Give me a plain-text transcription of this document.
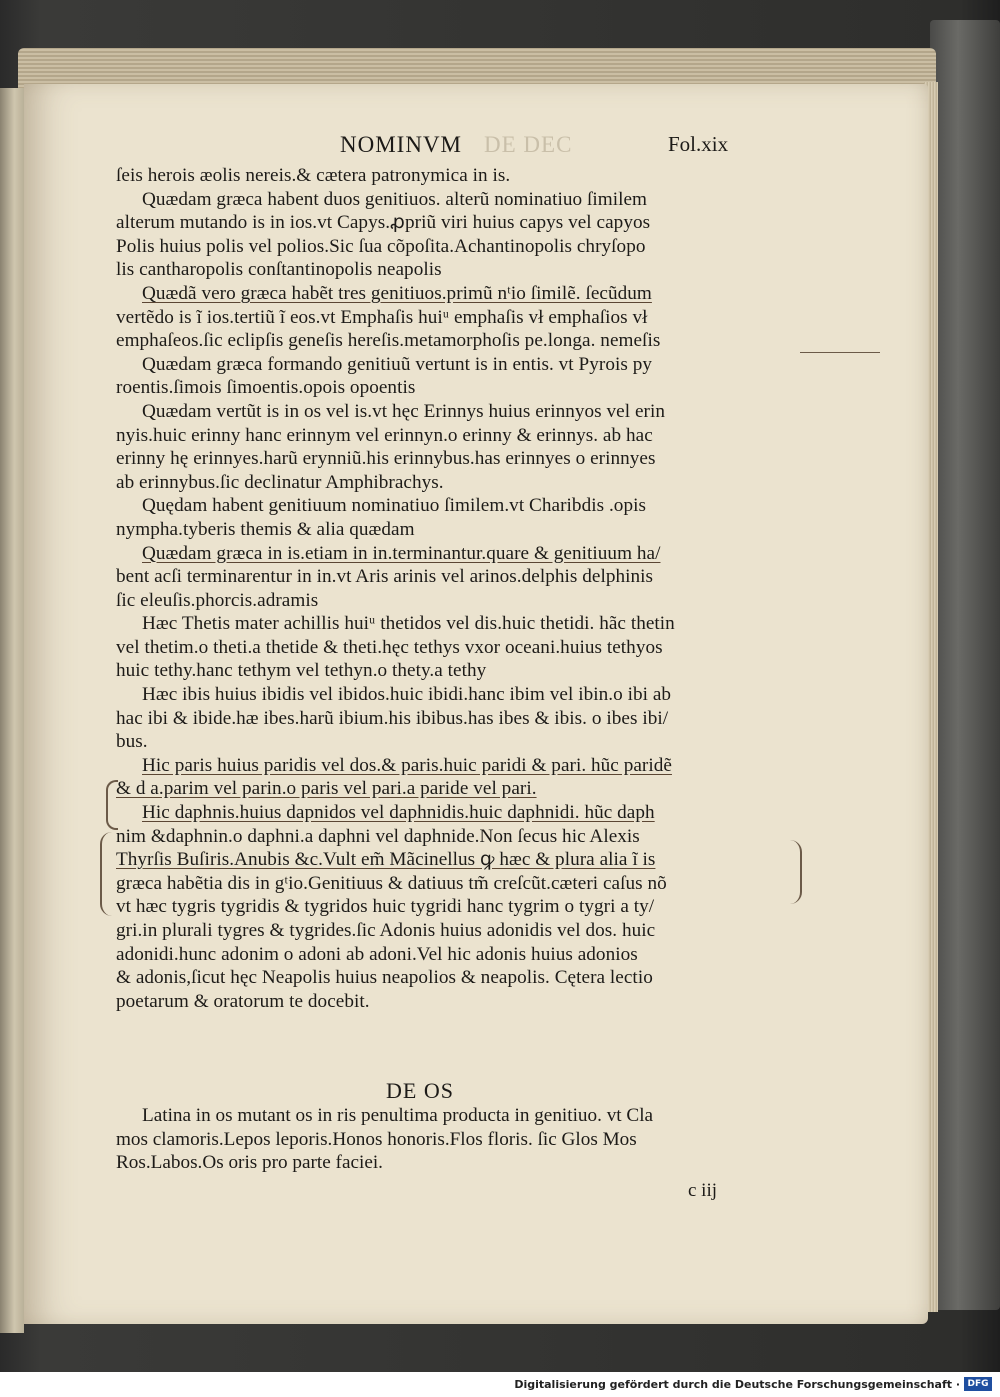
NOMINVM DE DEC	Fol.xix
ſeis herois æolis nereis.& cætera patronymica in is.
Quædam græca habent duos genitiuos. alterũ nominatiuo ſimilem
alterum mutando is in ios.vt Capys.ꝓpriũ viri huius capys vel capyos
Polis huius polis vel polios.Sic ſua cõpoſita.Achantinopolis chryſopo
lis cantharopolis conſtantinopolis neapolis
Quædã vero græca habẽt tres genitiuos.primũ nᵗio ſimilẽ. ſecũdum
vertẽdo is ĩ ios.tertiũ ĩ eos.vt Emphaſis huiᵘ emphaſis vł emphaſios vł
emphaſeos.ſic eclipſis geneſis hereſis.metamorphoſis pe.longa. nemeſis
Quædam græca formando genitiuũ vertunt is in entis. vt Pyrois py
roentis.ſimois ſimoentis.opois opoentis
Quædam vertũt is in os vel is.vt hęc Erinnys huius erinnyos vel erin
nyis.huic erinny hanc erinnym vel erinnyn.o erinny & erinnys. ab hac
erinny hę erinnyes.harũ erynniũ.his erinnybus.has erinnyes o erinnyes
ab erinnybus.ſic declinatur Amphibrachys.
Quędam habent genitiuum nominatiuo ſimilem.vt Charibdis .opis
nympha.tyberis themis & alia quædam
Quædam græca in is.etiam in in.terminantur.quare & genitiuum ha/
bent acſi terminarentur in in.vt Aris arinis vel arinos.delphis delphinis
ſic eleuſis.phorcis.adramis
Hæc Thetis mater achillis huiᵘ thetidos vel dis.huic thetidi. hãc thetin
vel thetim.o theti.a thetide & theti.hęc tethys vxor oceani.huius tethyos
huic tethy.hanc tethym vel tethyn.o thety.a tethy
Hæc ibis huius ibidis vel ibidos.huic ibidi.hanc ibim vel ibin.o ibi ab
hac ibi & ibide.hæ ibes.harũ ibium.his ibibus.has ibes & ibis. o ibes ibi/
bus.
Hic paris huius paridis vel dos.& paris.huic paridi & pari. hũc paridẽ
& d a.parim vel parin.o paris vel pari.a paride vel pari.
Hic daphnis.huius dapnidos vel daphnidis.huic daphnidi. hũc daph
nim &daphnin.o daphni.a daphni vel daphnide.Non ſecus hic Alexis
Thyrſis Buſiris.Anubis &c.Vult em̃ Mãcinellus ꝙ hæc & plura alia ĩ is
græca habẽtia dis in gᵗio.Genitiuus & datiuus tm̃ creſcũt.cæteri caſus nõ
vt hæc tygris tygridis & tygridos huic tygridi hanc tygrim o tygri a ty/
gri.in plurali tygres & tygrides.ſic Adonis huius adonidis vel dos. huic
adonidi.hunc adonim o adoni ab adoni.Vel hic adonis huius adonios
& adonis,ſicut hęc Neapolis huius neapolios & neapolis. Cętera lectio
poetarum & oratorum te docebit.
DE OS
Latina in os mutant os in ris penultima producta in genitiuo. vt Cla
mos clamoris.Lepos leporis.Honos honoris.Flos floris. ſic Glos Mos
Ros.Labos.Os oris pro parte faciei.
c iij
Digitalisierung gefördert durch die Deutsche Forschungsgemeinschaft · DFG
